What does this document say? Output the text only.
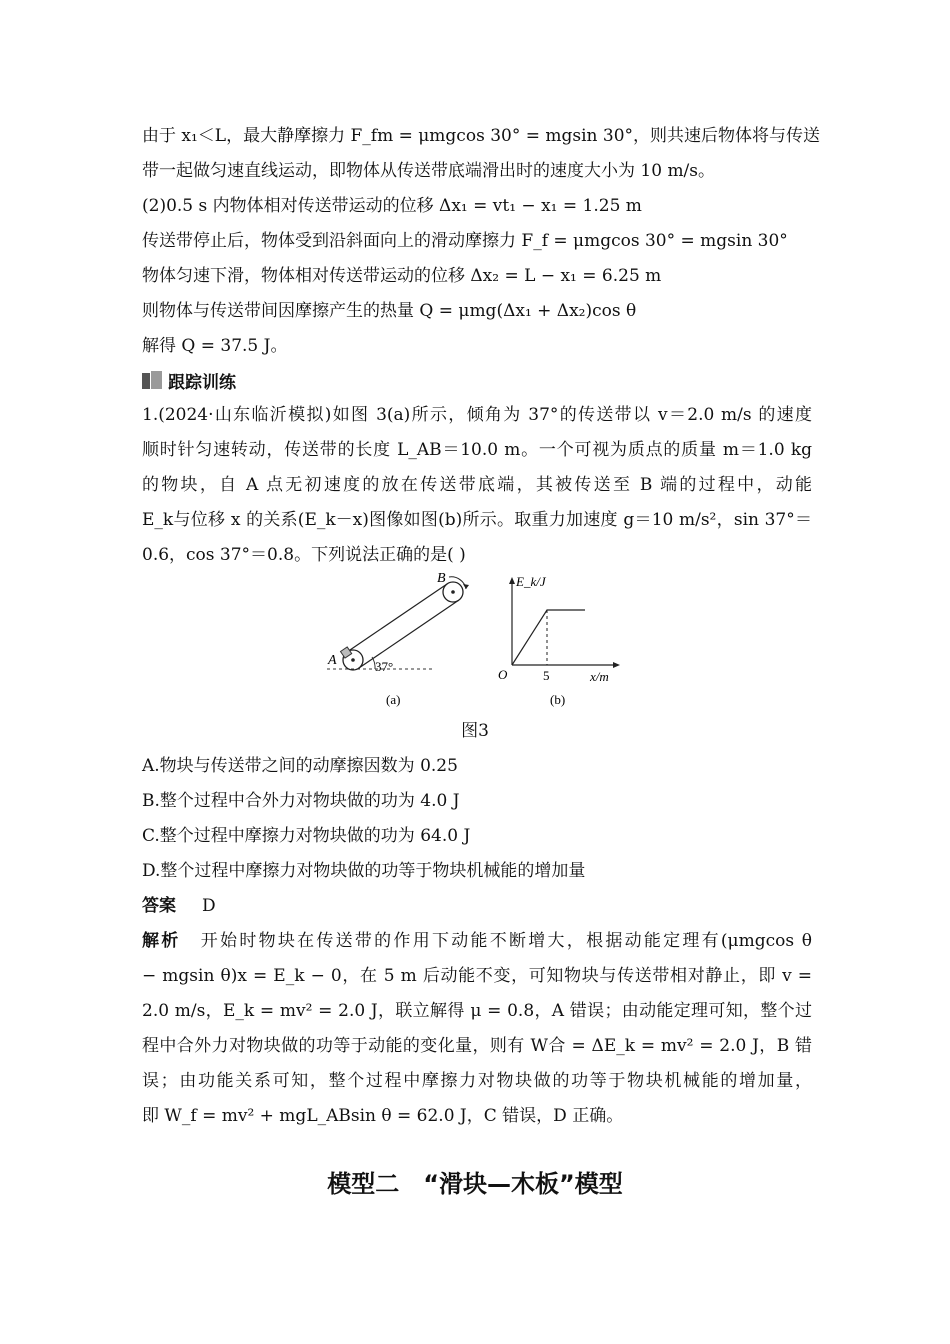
由于 x₁＜L，最大静摩擦力 F_fm = μmgcos 30° = mgsin 30°，则共速后物体将与传送
带一起做匀速直线运动，即物体从传送带底端滑出时的速度大小为 10 m/s。
(2)0.5 s 内物体相对传送带运动的位移 Δx₁ = vt₁ − x₁ = 1.25 m
传送带停止后，物体受到沿斜面向上的滑动摩擦力 F_f = μmgcos 30° = mgsin 30°
物体匀速下滑，物体相对传送带运动的位移 Δx₂ = L − x₁ = 6.25 m
则物体与传送带间因摩擦产生的热量 Q = μmg(Δx₁ + Δx₂)cos θ
解得 Q = 37.5 J。
跟踪训练
1.(2024·山东临沂模拟)如图 3(a)所示，倾角为 37°的传送带以 v＝2.0 m/s 的速度
顺时针匀速转动，传送带的长度 L_AB＝10.0 m。一个可视为质点的质量 m＝1.0 kg
的物块，自 A 点无初速度的放在传送带底端，其被传送至 B 端的过程中，动能
E_k与位移 x 的关系(E_k－x)图像如图(b)所示。取重力加速度 g＝10 m/s²，sin 37°＝
0.6，cos 37°＝0.8。下列说法正确的是( )
A
B
37°
(a)
E_k/J
x/m
O	5
(b)
图3
A.物块与传送带之间的动摩擦因数为 0.25
B.整个过程中合外力对物块做的功为 4.0 J
C.整个过程中摩擦力对物块做的功为 64.0 J
D.整个过程中摩擦力对物块做的功等于物块机械能的增加量
答案 D
解析 开始时物块在传送带的作用下动能不断增大，根据动能定理有(μmgcos θ
− mgsin θ)x = E_k − 0，在 5 m 后动能不变，可知物块与传送带相对静止，即 v =
2.0 m/s，E_k = mv² = 2.0 J，联立解得 μ = 0.8，A 错误；由动能定理可知，整个过
程中合外力对物块做的功等于动能的变化量，则有 W合 = ΔE_k = mv² = 2.0 J，B 错
误；由功能关系可知，整个过程中摩擦力对物块做的功等于物块机械能的增加量，
即 W_f = mv² + mgL_ABsin θ = 62.0 J，C 错误，D 正确。
模型二　“滑块—木板”模型
